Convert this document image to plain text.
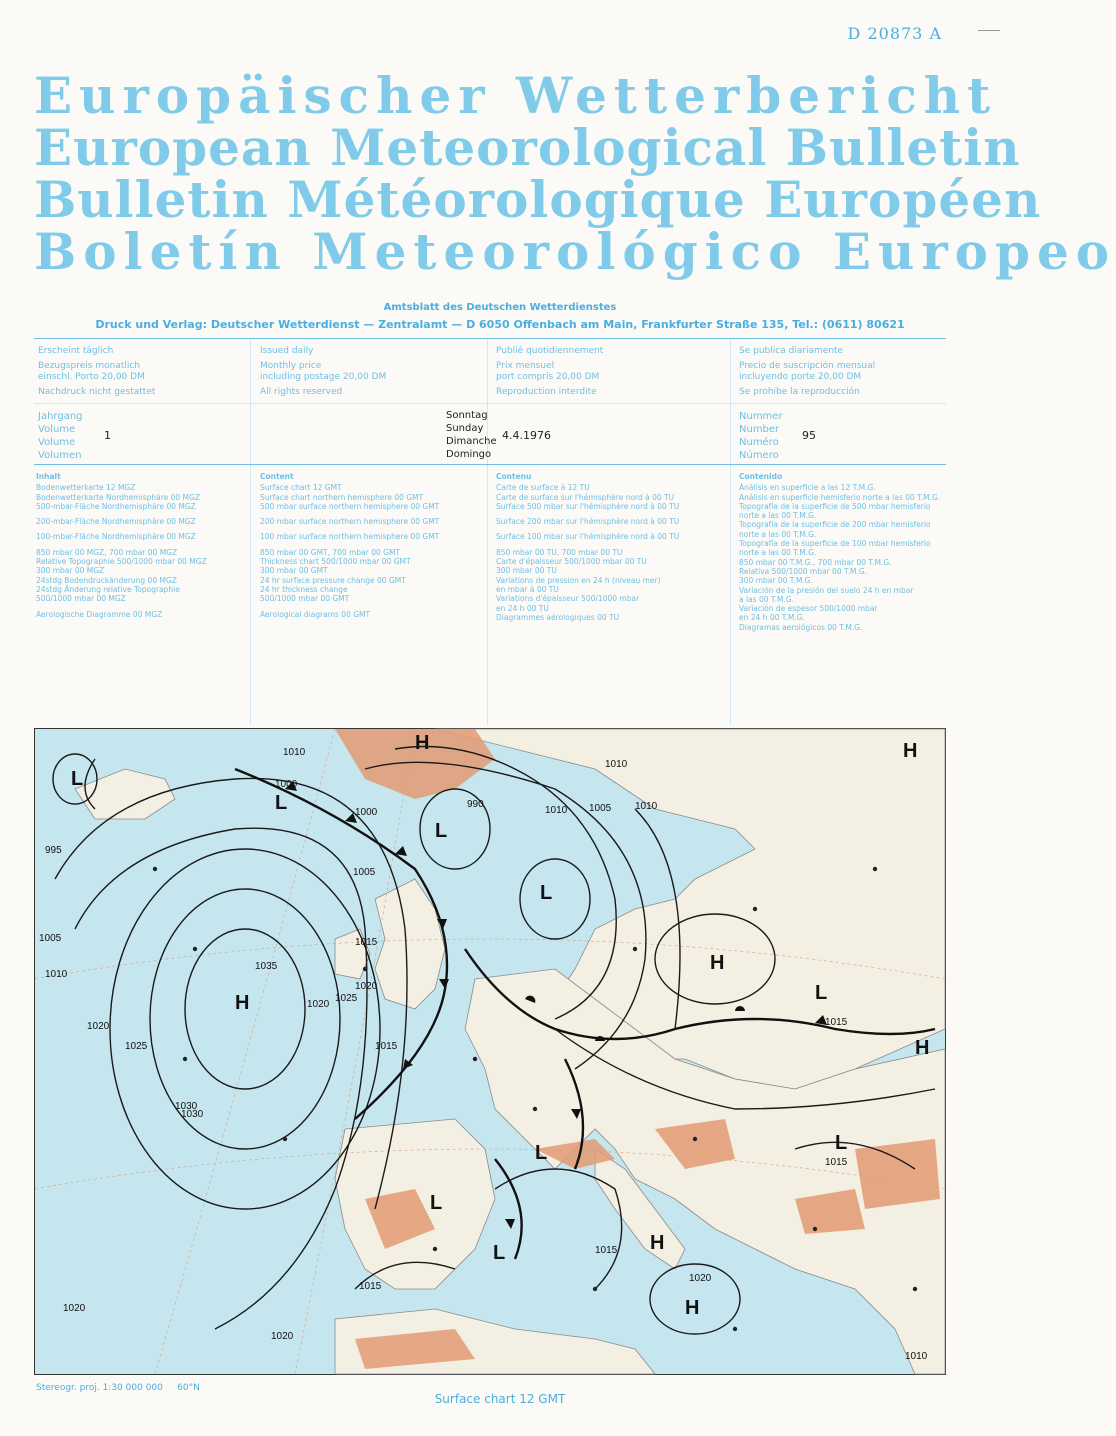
D 20873 A
Europäischer Wetterbericht
European Meteorological Bulletin
Bulletin Météorologique Européen
Boletín Meteorológico Europeo
Amtsblatt des Deutschen Wetterdienstes
Druck und Verlag: Deutscher Wetterdienst — Zentralamt — D 6050 Offenbach am Main, Frankfurter Straße 135, Tel.: (0611) 80621
Erscheint täglich
Bezugspreis monatlich
einschl. Porto 20,00 DM
Nachdruck nicht gestattet
Issued daily
Monthly price
including postage 20,00 DM
All rights reserved
Publié quotidiennement
Prix mensuel
port compris 20,00 DM
Reproduction interdite
Se publica diariamente
Precio de suscripción mensual
incluyendo porte 20,00 DM
Se prohibe la reproducción
Jahrgang
Volume
Volume
Volumen
1
Sonntag
Sunday
Dimanche
Domingo
4.4.1976
Nummer
Number
Numéro
Número
95
Inhalt
Bodenwetterkarte 12 MGZ
Bodenwetterkarte Nordhemisphäre 00 MGZ
500-mbar-Fläche Nordhemisphäre 00 MGZ
200-mbar-Fläche Nordhemisphäre 00 MGZ
100-mbar-Fläche Nordhemisphäre 00 MGZ
850 mbar 00 MGZ, 700 mbar 00 MGZ
Relative Topographie 500/1000 mbar 00 MGZ
300 mbar 00 MGZ
24stdg Bodendruckänderung 00 MGZ
24stdg Änderung relative Topographie
500/1000 mbar 00 MGZ
Aerologische Diagramme 00 MGZ
Content
Surface chart 12 GMT
Surface chart northern hemisphere 00 GMT
500 mbar surface northern hemisphere 00 GMT
200 mbar surface northern hemisphere 00 GMT
100 mbar surface northern hemisphere 00 GMT
850 mbar 00 GMT, 700 mbar 00 GMT
Thickness chart 500/1000 mbar 00 GMT
300 mbar 00 GMT
24 hr surface pressure change 00 GMT
24 hr thickness change
500/1000 mbar 00 GMT
Aerological diagrams 00 GMT
Contenu
Carte de surface à 12 TU
Carte de surface sur l'hémisphère nord à 00 TU
Surface 500 mbar sur l'hémisphère nord à 00 TU
Surface 200 mbar sur l'hémisphère nord à 00 TU
Surface 100 mbar sur l'hémisphère nord à 00 TU
850 mbar 00 TU, 700 mbar 00 TU
Carte d'épaisseur 500/1000 mbar 00 TU
300 mbar 00 TU
Variations de pression en 24 h (niveau mer)
en mbar à 00 TU
Variations d'épaisseur 500/1000 mbar
en 24 h 00 TU
Diagrammes aérologiques 00 TU
Contenido
Análisis en superficie a las 12 T.M.G.
Análisis en superficie hemisferio norte a las 00 T.M.G.
Topografía de la superficie de 500 mbar hemisferio
norte a las 00 T.M.G.
Topografía de la superficie de 200 mbar hemisferio
norte a las 00 T.M.G.
Topografía de la superficie de 100 mbar hemisferio
norte a las 00 T.M.G.
850 mbar 00 T.M.G., 700 mbar 00 T.M.G.
Relativa 500/1000 mbar 00 T.M.G.
300 mbar 00 T.M.G.
Variación de la presión del suelo 24 h en mbar
a las 00 T.M.G.
Variación de espesor 500/1000 mbar
en 24 h 00 T.M.G.
Diagramas aerológicos 00 T.M.G.
H
H	H
H
H
H
H
L
L
L
L
L
L
L
L
L
1010
1010
1000
1000
990	1005
1010
995
1005
1010
1005
1015
1020
1020
1025
1030
1035
1015
1020
1025
1030
1020
1015
1015
1015
1020
1010
1015
1010
1020
Stereogr. proj. 1:30 000 000 60°N
Surface chart 12 GMT
